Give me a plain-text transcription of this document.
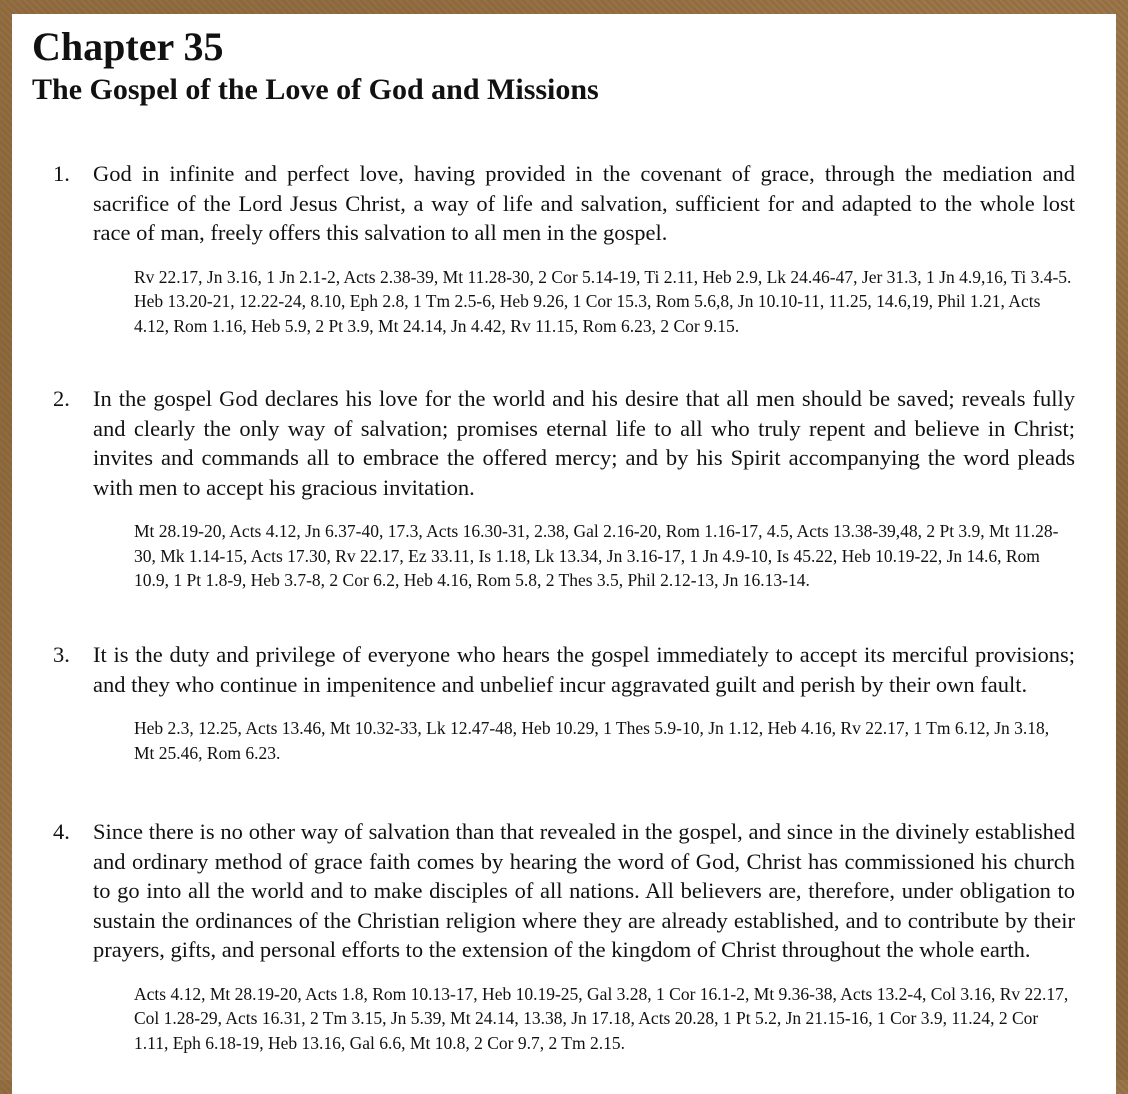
Chapter 35
The Gospel of the Love of God and Missions
1.	God in infinite and perfect love, having provided in the covenant of grace, through the mediation and sacrifice of the Lord Jesus Christ, a way of life and salvation, sufficient for and adapted to the whole lost race of man, freely offers this salvation to all men in the gospel.
Rv 22.17, Jn 3.16, 1 Jn 2.1-2, Acts 2.38-39, Mt 11.28-30, 2 Cor 5.14-19, Ti 2.11, Heb 2.9, Lk 24.46-47, Jer 31.3, 1 Jn 4.9,16, Ti 3.4-5. Heb 13.20-21, 12.22-24, 8.10, Eph 2.8, 1 Tm 2.5-6, Heb 9.26, 1 Cor 15.3, Rom 5.6,8, Jn 10.10-11, 11.25, 14.6,19, Phil 1.21, Acts 4.12, Rom 1.16, Heb 5.9, 2 Pt 3.9, Mt 24.14, Jn 4.42, Rv 11.15, Rom 6.23, 2 Cor 9.15.
2.	In the gospel God declares his love for the world and his desire that all men should be saved; reveals fully and clearly the only way of salvation; promises eternal life to all who truly repent and believe in Christ; invites and commands all to embrace the offered mercy; and by his Spirit accompanying the word pleads with men to accept his gracious invitation.
Mt 28.19-20, Acts 4.12, Jn 6.37-40, 17.3, Acts 16.30-31, 2.38, Gal 2.16-20, Rom 1.16-17, 4.5, Acts 13.38-39,48, 2 Pt 3.9, Mt 11.28-30, Mk 1.14-15, Acts 17.30, Rv 22.17, Ez 33.11, Is 1.18, Lk 13.34, Jn 3.16-17, 1 Jn 4.9-10, Is 45.22, Heb 10.19-22, Jn 14.6, Rom 10.9, 1 Pt 1.8-9, Heb 3.7-8, 2 Cor 6.2, Heb 4.16, Rom 5.8, 2 Thes 3.5, Phil 2.12-13, Jn 16.13-14.
3.	It is the duty and privilege of everyone who hears the gospel immediately to accept its merciful provisions; and they who continue in impenitence and unbelief incur aggravated guilt and perish by their own fault.
Heb 2.3, 12.25, Acts 13.46, Mt 10.32-33, Lk 12.47-48, Heb 10.29, 1 Thes 5.9-10, Jn 1.12, Heb 4.16, Rv 22.17, 1 Tm 6.12, Jn 3.18, Mt 25.46, Rom 6.23.
4.	Since there is no other way of salvation than that revealed in the gospel, and since in the divinely established and ordinary method of grace faith comes by hearing the word of God, Christ has commissioned his church to go into all the world and to make disciples of all nations. All believers are, therefore, under obligation to sustain the ordinances of the Christian religion where they are already established, and to contribute by their prayers, gifts, and personal efforts to the extension of the kingdom of Christ throughout the whole earth.
Acts 4.12, Mt 28.19-20, Acts 1.8, Rom 10.13-17, Heb 10.19-25, Gal 3.28, 1 Cor 16.1-2, Mt 9.36-38, Acts 13.2-4, Col 3.16, Rv 22.17, Col 1.28-29, Acts 16.31, 2 Tm 3.15, Jn 5.39, Mt 24.14, 13.38, Jn 17.18, Acts 20.28, 1 Pt 5.2, Jn 21.15-16, 1 Cor 3.9, 11.24, 2 Cor 1.11, Eph 6.18-19, Heb 13.16, Gal 6.6, Mt 10.8, 2 Cor 9.7, 2 Tm 2.15.
